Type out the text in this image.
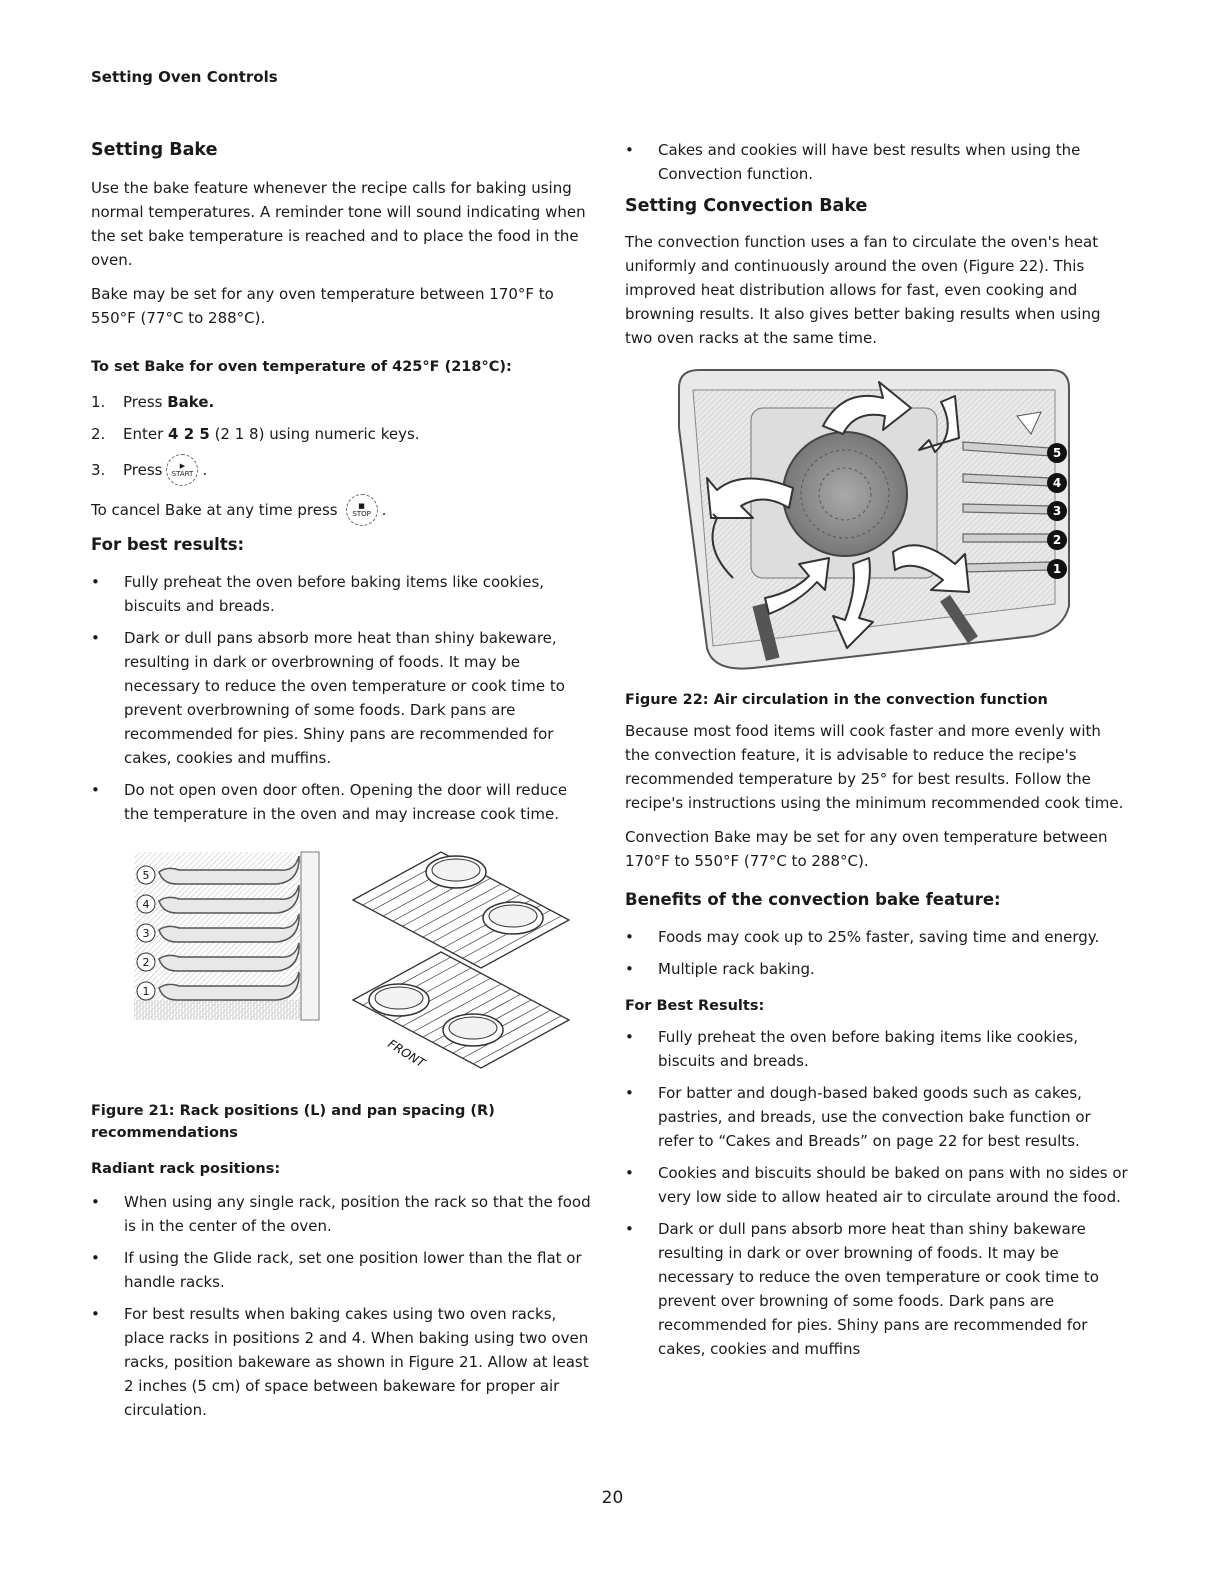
Setting Oven Controls
Setting Bake

Use the bake feature whenever the recipe calls for baking using normal temperatures. A reminder tone will sound indicating when the set bake temperature is reached and to place the food in the oven.

Bake may be set for any oven temperature between 170°F to 550°F (77°C to 288°C).

To set Bake for oven temperature of 425°F (218°C):
1.	Press Bake.
2.	Enter 4 2 5 (2 1 8) using numeric keys.
3.	Press ▶
START .

To cancel Bake at any time press	■
STOP .

For best results:
• Fully preheat the oven before baking items like cookies, biscuits and breads.
• Dark or dull pans absorb more heat than shiny bakeware, resulting in dark or overbrowning of foods. It may be necessary to reduce the oven temperature or cook time to prevent overbrowning of some foods. Dark pans are recommended for pies. Shiny pans are recommended for cakes, cookies and muffins.
• Do not open oven door often. Opening the door will reduce the temperature in the oven and may increase cook time.
5
4
3
2
1
FRONT
Figure 21: Rack positions (L) and pan spacing (R) recommendations
Radiant rack positions:
• When using any single rack, position the rack so that the food is in the center of the oven.
• If using the Glide rack, set one position lower than the flat or handle racks.
• For best results when baking cakes using two oven racks, place racks in positions 2 and 4. When baking using two oven racks, position bakeware as shown in Figure 21. Allow at least 2 inches (5 cm) of space between bakeware for proper air circulation.
• Cakes and cookies will have best results when using the Convection function.
Setting Convection Bake

The convection function uses a fan to circulate the oven's heat uniformly and continuously around the oven (Figure 22). This improved heat distribution allows for fast, even cooking and browning results. It also gives better baking results when using two oven racks at the same time.

5
4
3
2
1
Figure 22: Air circulation in the convection function

Because most food items will cook faster and more evenly with the convection feature, it is advisable to reduce the recipe's recommended temperature by 25° for best results. Follow the recipe's instructions using the minimum recommended cook time.

Convection Bake may be set for any oven temperature between 170°F to 550°F (77°C to 288°C).

Benefits of the convection bake feature:
• Foods may cook up to 25% faster, saving time and energy.
• Multiple rack baking.
For Best Results:
• Fully preheat the oven before baking items like cookies, biscuits and breads.
• For batter and dough-based baked goods such as cakes, pastries, and breads, use the convection bake function or refer to “Cakes and Breads” on page 22 for best results.
• Cookies and biscuits should be baked on pans with no sides or very low side to allow heated air to circulate around the food.
• Dark or dull pans absorb more heat than shiny bakeware resulting in dark or over browning of foods. It may be necessary to reduce the oven temperature or cook time to prevent over browning of some foods. Dark pans are recommended for pies. Shiny pans are recommended for cakes, cookies and muffins
20
